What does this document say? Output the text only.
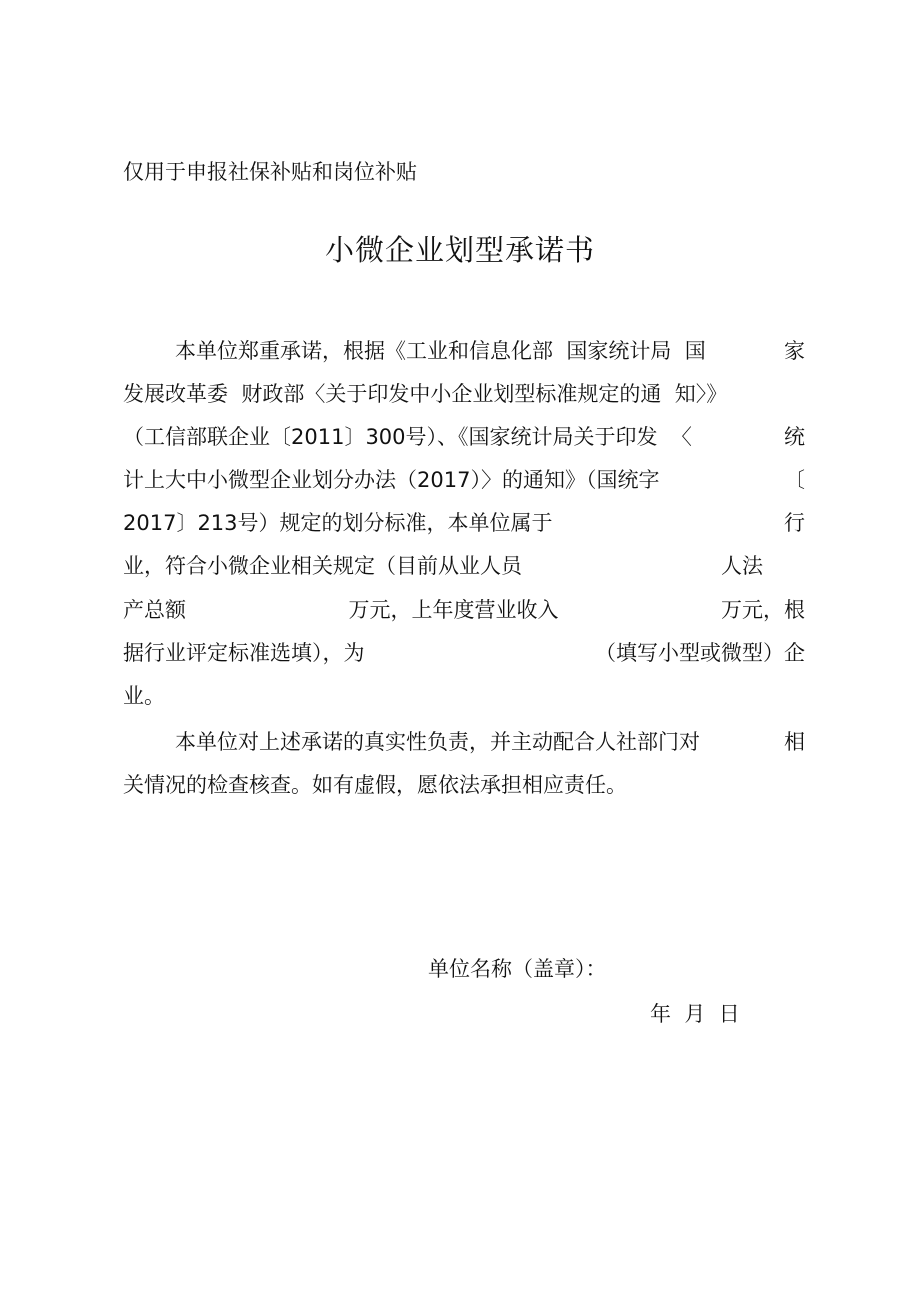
仅用于申报社保补贴和岗位补贴
小微企业划型承诺书
本单位郑重承诺，根据《工业和信息化部  国家统计局  国	家
发展改革委  财政部〈关于印发中小企业划型标准规定的通  知〉》
（工信部联企业〔2011〕300号）、《国家统计局关于印发  〈	统
计上大中小微型企业划分办法（2017）〉的通知》（国统字	〔
2017〕213号）规定的划分标准，本单位属于	行
业，符合小微企业相关规定（目前从业人员	人法
产总额	万元，上年度营业收入	万元，根
据行业评定标准选填），为	（填写小型或微型）企
业。
本单位对上述承诺的真实性负责，并主动配合人社部门对	相
关情况的检查核查。如有虚假，愿依法承担相应责任。
单位名称（盖章）：
年  月  日
